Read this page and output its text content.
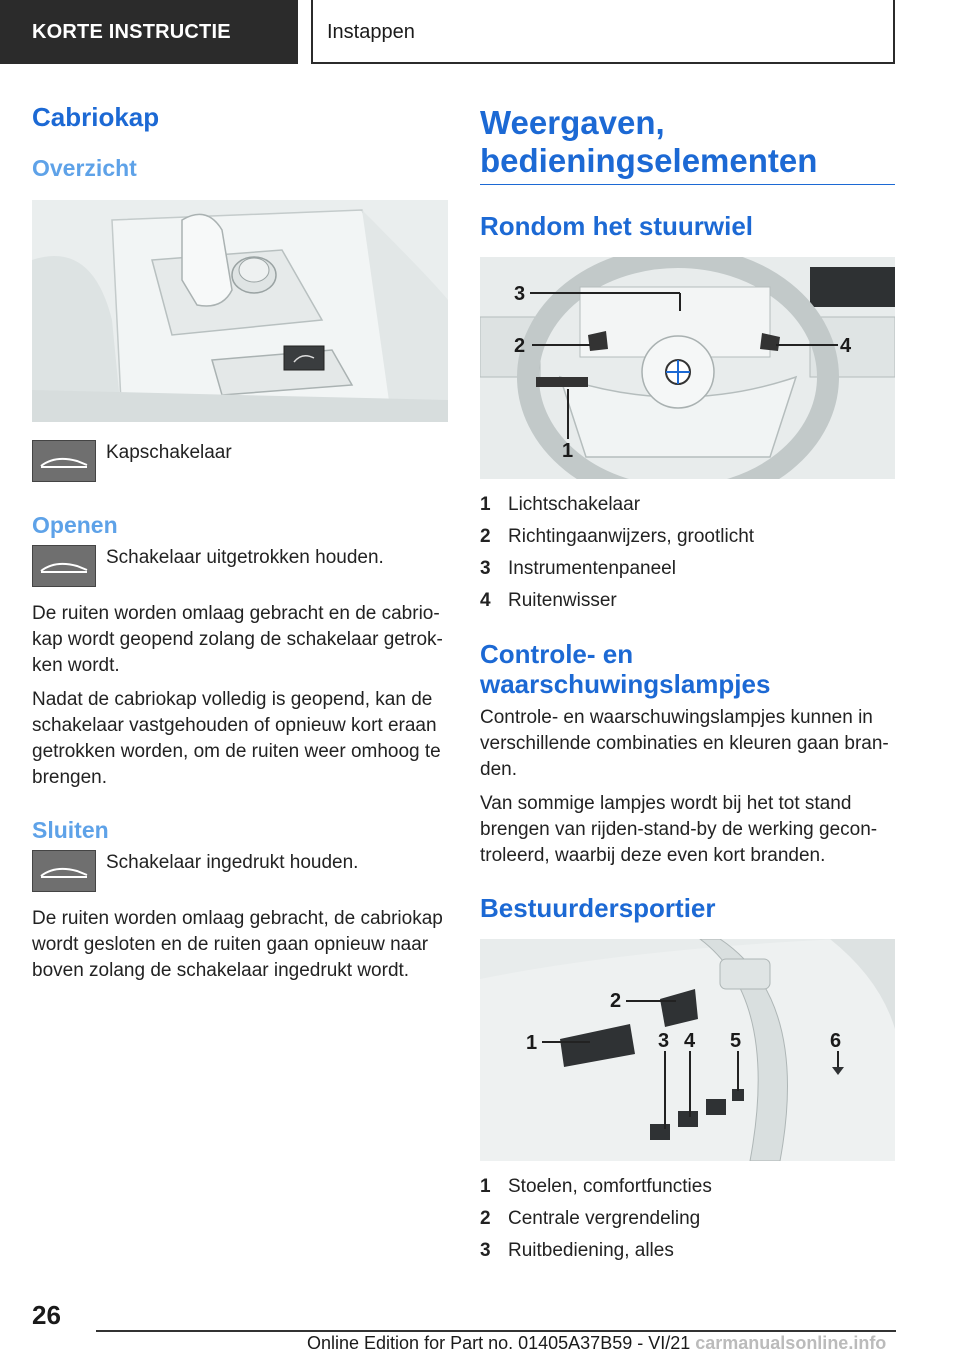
KORTE INSTRUCTIE	Instappen
Cabriokap
Overzicht
Kapschakelaar
Openen
Schakelaar uitgetrokken houden.

De ruiten worden omlaag gebracht en de cabrio-kap wordt geopend zolang de schakelaar getrok-ken wordt.

Nadat de cabriokap volledig is geopend, kan de schakelaar vastgehouden of opnieuw kort eraan getrokken worden, om de ruiten weer omhoog te brengen.

Sluiten
Schakelaar ingedrukt houden.

De ruiten worden omlaag gebracht, de cabriokap wordt gesloten en de ruiten gaan opnieuw naar boven zolang de schakelaar ingedrukt wordt.

Weergaven, bedieningselementen
Rondom het stuurwiel
1
2
3
4
1 Lichtschakelaar
2 Richtingaanwijzers, grootlicht
3 Instrumentenpaneel
4 Ruitenwisser
Controle- en waarschuwingslampjes

Controle- en waarschuwingslampjes kunnen in verschillende combinaties en kleuren gaan bran-den.

Van sommige lampjes wordt bij het tot stand brengen van rijden-stand-by de werking gecon-troleerd, waarbij deze even kort branden.

Bestuurdersportier
1
2
3 4 5	6
1 Stoelen, comfortfuncties
2 Centrale vergrendeling
3 Ruitbediening, alles
26
Online Edition for Part no. 01405A37B59 - VI/21 carmanualsonline.info
